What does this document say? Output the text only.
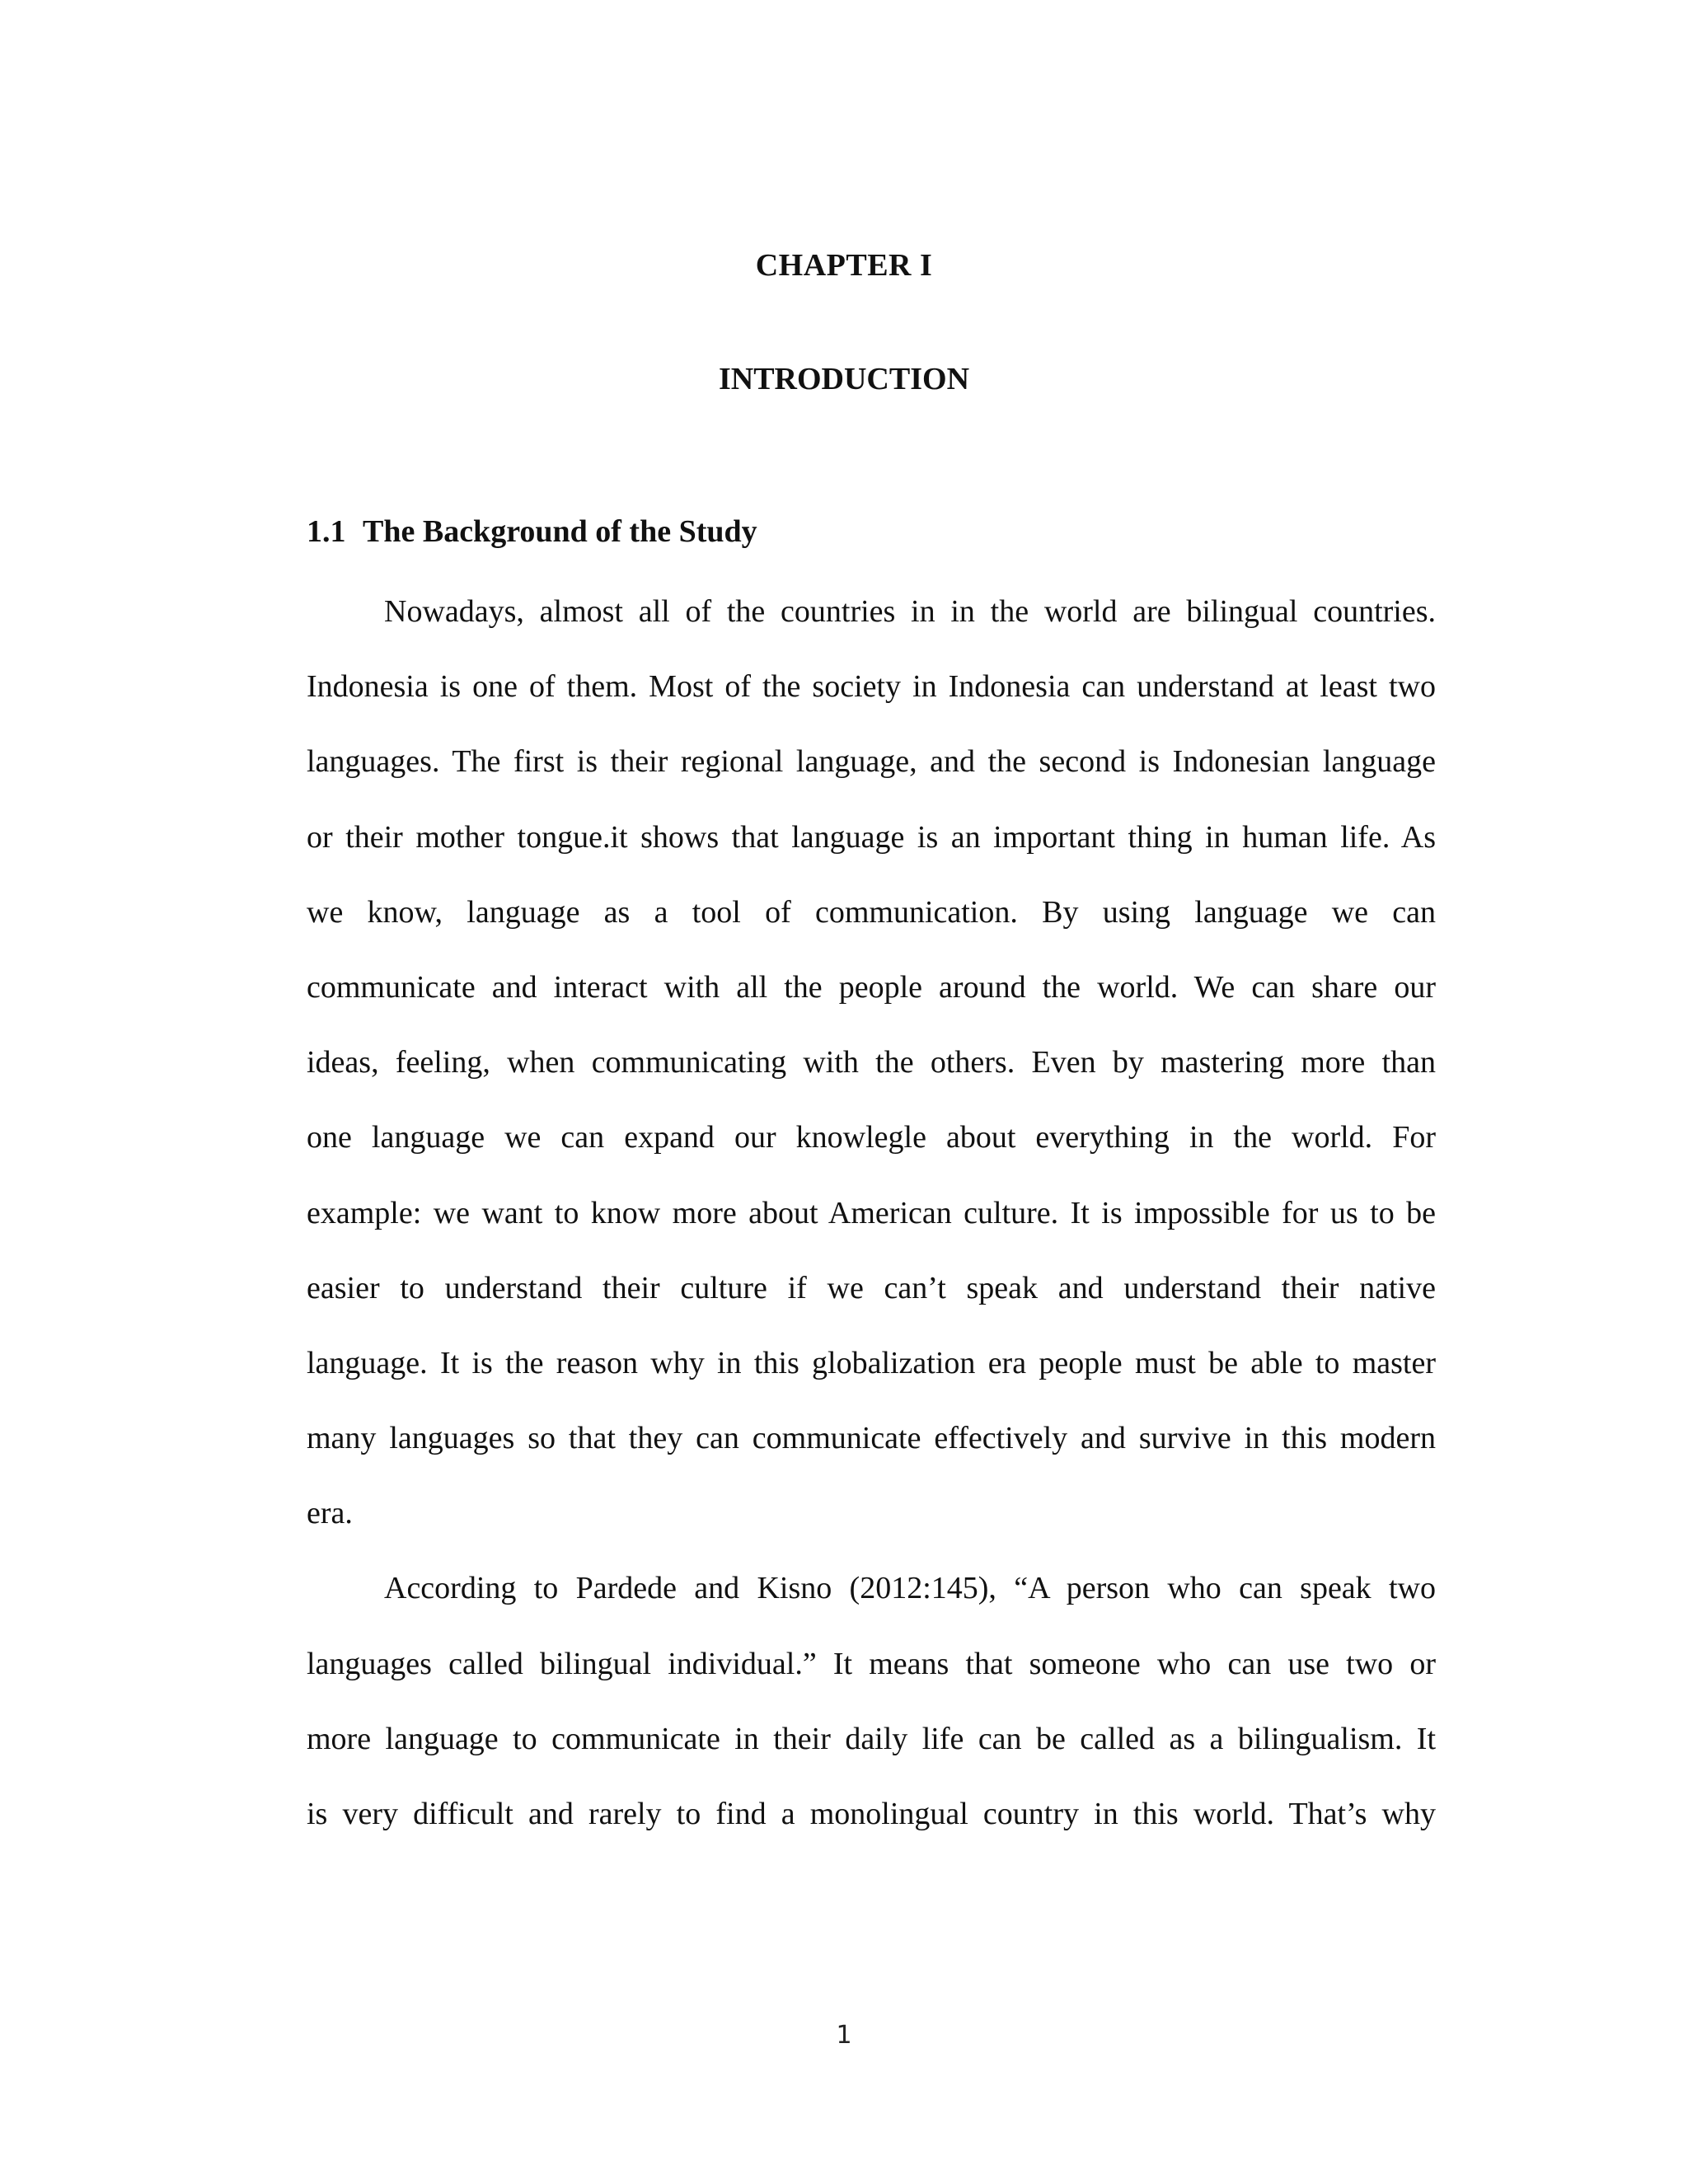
CHAPTER I
INTRODUCTION
1.1 The Background of the Study
Nowadays, almost all of the countries in in the world are bilingual countries.
Indonesia is one of them. Most of the society in Indonesia can understand at least two
languages. The first is their regional language, and the second is Indonesian language
or their mother tongue.it shows that language is an important thing in human life. As
we know, language as a tool of communication. By using language we can
communicate and interact with all the people around the world. We can share our
ideas, feeling, when communicating with the others. Even by mastering more than
one language we can expand our knowlegle about everything in the world. For
example: we want to know more about American culture. It is impossible for us to be
easier to understand their culture if we can’t speak and understand their native
language. It is the reason why in this globalization era people must be able to master
many languages so that they can communicate effectively and survive in this modern
era.
According to Pardede and Kisno (2012:145), “A person who can speak two
languages called bilingual individual.” It means that someone who can use two or
more language to communicate in their daily life can be called as a bilingualism. It
is very difficult and rarely to find a monolingual country in this world. That’s why
1
